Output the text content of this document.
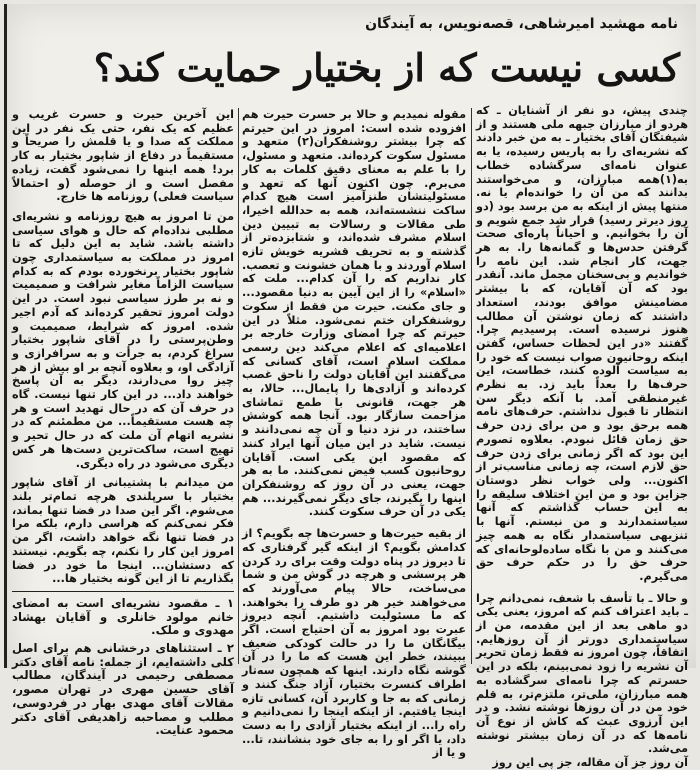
نامه مهشید امیرشاهی، قصه‌نویس، به آیندگان
کسی نیست که از بختیار حمایت کند؟

چندی پیش، دو نفر از آشنایان ـ که هردو از مبارزان جبهه ملی هستند و از شیفتگان آقای بختیار ـ به من خبر دادند که نشریه‌ای را به پاریس رسیده، یا به عنوان نامه‌ای سرگشاده خطاب به(۱)همه مبارزان، و می‌خواستند بدانند که من آن را خوانده‌ام یا نه. منتها پیش از اینکه به من برسد بود (دو روز دیرتر رسید) قرار شد جمع شویم و آن را بخوانیم. و احیاناً پاره‌ای صحت گرفتن حدس‌ها و گمانه‌ها را. به هر جهت، کار انجام شد. این نامه را خواندیم و بی‌سخنان مجمل ماند. آنقدر بود که آن آقایان، که با بیشتر مضامینش موافق بودند، استعداد داشتند که زمان نوشتن آن مطالب هنوز نرسیده است. پرسیدیم چرا. گفتند «در این لحظات حساس، گفتن اینکه روحانیون صواب نیست که خود را به سیاست آلوده کنند، خطاست، این حرف‌ها را بعداً باید زد. به نظرم غیرمنطقی آمد. با آنکه دیگر سن انتظار تا قبول نداشتم. حرف‌های نامه همه برحق بود و من برای زدن حرف حق زمان قائل نبودم. بعلاوه تصورم این بود که اگر زمانی برای زدن حرف حق لازم است، چه زمانی مناسب‌تر از اکنون... ولی خواب نظر دوستان جزاین بود و من این اختلاف سلیقه را به این حساب گذاشتم که آنها سیاستمدارند و من نیستم. آنها با تنزیهی سیاستمدار نگاه به همه چیز می‌کنند و من با نگاه ساده‌لوحانه‌ای که حرف حق را در حکم حرف حق می‌گیرم.

و حالا ـ با تأسف با شعف، نمی‌دانم چرا ـ باید اعتراف کنم که امروز، یعنی یکی دو ماهی بعد از این مقدمه، من از سیاستمداری دورتر از آن روزهایم. اتفاقاً، چون امروز نه فقط زمان تحریر آن نشریه را زود نمی‌بینم، بلکه در این حسرتم که چرا نامه‌ای سرگشاده به همه مبارزان، ملی‌تر، ملتزم‌تر، به قلم خود من در آن روزها نوشته نشد. و در این آرزوی عبث که کاش از نوع آن نامه‌ها که در آن زمان بیشتر نوشته می‌شد.

آن روز جز آن مقاله، جز پی این روز

مقوله نمیدیم و حالا بر حسرت حیرت هم افزوده شده است: امروز در این حیرتم که چرا بیشتر روشنفکران(۲) متعهد و مسئول سکوت کرده‌اند. متعهد و مسئول، را با علم به معنای دقیق کلمات به کار می‌برم. چون اکنون آنها که تعهد و مسئولیتشان طنزآمیز است هیچ کدام ساکت ننشسته‌اند، همه به حدالله اخیرا، طی مقالات و رسالات به تبیین دین اسلام مشرف شده‌اند، و شتابزده‌تر از گذشته و به تحریف قشریه خویش تازه اسلام آوردند و با همان خشونت و تعصب. کار نداریم که را آن کدام... ملت که «اسلام» را از این آیین به دنیا مقصود... و جای مکنت. حیرت من فقط از سکوت روشنفکران ختم نمی‌شود. مثلاً در این حیرتم که چرا امضای وزارت خارجه بر اعلامیه‌ای که اعلام می‌کند دین رسمی مملکت اسلام است، آقای کسانی که می‌گفتند این آقایان دولت را ناحق غصب کرده‌اند و آزادی‌ها را پایمال... حالا، به هر جهت، قانونی با طمع تماشای مزاحمت سازگار بود. آنجا همه کوشش ساختند، در نزد دنیا و آن چه نمی‌دانند و نیست. شاید در این میان آنها ایراد کنند که مقصود این یکی است. آقایان روحانیون کسب فیض نمی‌کنند. ما به هر جهت، یعنی در آن روز که روشنفکران اینها را بگیرند، جای دیگر نمی‌گیرند... هم یکی در آن حرف سکوت کنند.

از بقیه حیرت‌ها و حسرت‌ها چه بگویم؟ از کدامش بگویم؟ از اینکه گیر گرفتاری که تا دیروز در پناه دولت وقت برای رد کردن هر پرسشی و هرچه در گوش من و شما می‌ساخت، حالا پیام می‌آورند که می‌خواهند خیر هر دو طرف را بخواهند. که ما مسئولیت داشتیم. آنچه دیروز عبرت بود امروز به آن احتیاج است. اگر بیگانگان ما را در حالت کودکی ضعیف ببینند، خطر این هست که ما را در آن گوشه نگاه دارند. اینها که همچون سه‌تار اطراف کنسرت بختیار، آزاد جنگ کنند و زمانی که به جا و کاربرد آن، کسانی تازه اینجا یافتیم. از اینکه اینجا را نمی‌دانیم و راه را... از اینکه بختیار آزادی را به دست داد، یا اگر او را به جای خود بنشانند، تا... و یا از

این آخرین حیرت و حسرت غریب و عظیم که یک نفر، حتی یک نفر در این مملکت که صدا و یا قلمش را صریحاً و مستقیماً در دفاع از شاپور بختیار به کار برد! همه اینها را نمی‌شود گفت، زیاده مفصل است و از حوصله (و احتمالاً سیاست فعلی) روزنامه ها خارج.

من تا امروز به هیچ روزنامه و نشریه‌ای مطلبی نداده‌ام که حال و هوای سیاسی داشته باشد. شاید به این دلیل که تا امروز در مملکت به سیاستمداری چون شاپور بختیار برنخورده بودم که به کدام سیاست الزاماً مغایر شرافت و صمیمیت و نه بر طرز سیاسی نبود است. در این دولت امروز تحقیر کرده‌اند که آدم اجیر شده. امروز که شرایط، صمیمیت و وطن‌پرستی را در آقای شاپور بختیار سراغ کردم، به جرأت و به سرافرازی و آزادگی او، و بعلاوه آنچه بر او بیش از هر چیز روا می‌دارند، دیگر به آن پاسخ خواهند داد... در این کار تنها نیست. گاه در حرف آن که در حال تهدید است و هر چه هست مستقیماً... من مطمئنم که در نشریه اتهام آن ملت که در حال تحیر و تهیج است، ساکت‌ترین دست‌ها هر کس دیگری می‌شود در راه دیگری.

من میدانم با پشتیبانی از آقای شاپور بختیار با سرپلندی هرچه تمام‌تر بلند می‌شوم. اگر این صدا در فضا تنها بماند، فکر نمی‌کنم که هراسی دارم، بلکه مرا در فضا تنها نگه خواهد داشت، اگر من امروز این کار را نکنم، چه بگویم. نیستند که دستشان... اینجا ما خود در فضا بگذاریم تا از این گونه بختیار ها...

۱ ـ مقصود نشریه‌ای است به امضای خانم مولود خانلری و آقایان بهشاد مهدوی و ملک.

۲ ـ استثناهای درخشانی هم برای اصل کلی داشته‌ایم، از جمله: نامه آقای دکتر مصطفی رحیمی در آیندگان، مطالب آقای حسین مهری در تهران مصور، مقالات آقای مهدی بهار در فردوسی، مطلب و مصاحبه زاهدیفی آقای دکتر محمود عنایت.
